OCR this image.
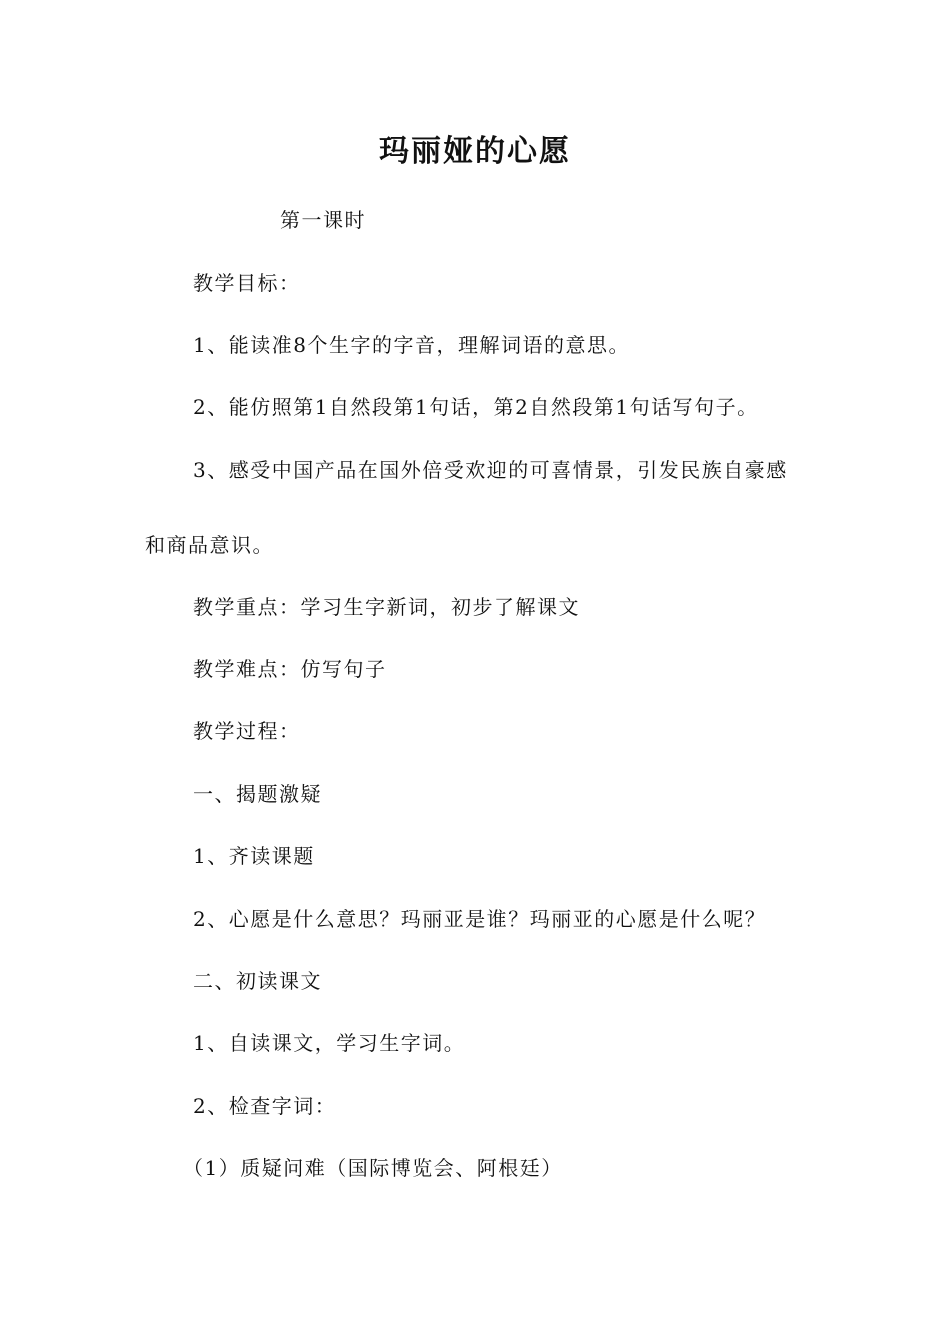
玛丽娅的心愿

第一课时

教学目标：

1、能读准8个生字的字音，理解词语的意思。

2、能仿照第1自然段第1句话，第2自然段第1句话写句子。

3、感受中国产品在国外倍受欢迎的可喜情景，引发民族自豪感

和商品意识。

教学重点：学习生字新词，初步了解课文

教学难点：仿写句子

教学过程：

一、揭题激疑

1、齐读课题

2、心愿是什么意思？玛丽亚是谁？玛丽亚的心愿是什么呢？

二、初读课文

1、自读课文，学习生字词。

2、检查字词：

（1）质疑问难（国际博览会、阿根廷）
